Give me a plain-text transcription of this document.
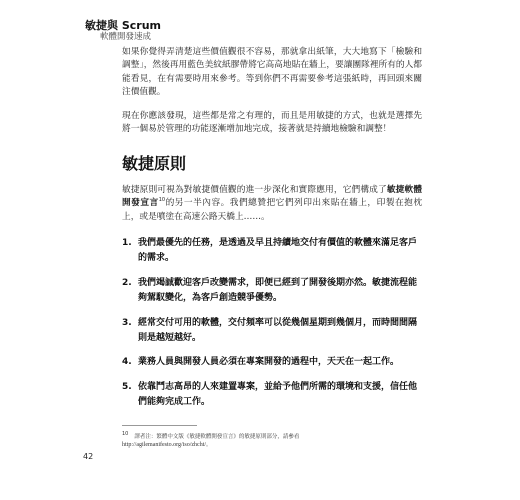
敏捷與 Scrum
軟體開發速成

如果你覺得弄清楚這些價值觀很不容易，那就拿出紙筆，大大地寫下「檢驗和調整」，然後再用藍色美紋紙膠帶將它高高地貼在牆上，要讓團隊裡所有的人都能看見，在有需要時用來參考。等到你們不再需要參考這張紙時，再回頭來關注價值觀。

現在你應該發現，這些都是常之有理的，而且是用敏捷的方式，也就是選擇先將一個易於管理的功能逐漸增加地完成，接著就是持續地檢驗和調整！

敏捷原則

敏捷原則可視為對敏捷價值觀的進一步深化和實際應用，它們構成了敏捷軟體開發宣言$^{10}$的另一半內容。我們總贊把它們列印出來貼在牆上，印製在抱枕上，或是噴塗在高速公路天橋上……。

1. 我們最優先的任務，是透過及早且持續地交付有價值的軟體來滿足客戶的需求。
2. 我們竭誠歡迎客戶改變需求，即便已經到了開發後期亦然。敏捷流程能夠駕馭變化，為客戶創造競爭優勢。
3. 經常交付可用的軟體，交付頻率可以從幾個星期到幾個月，而時間間隔則是越短越好。
4. 業務人員與開發人員必須在專案開發的過程中，天天在一起工作。
5. 依靠鬥志高昂的人來建置專案，並給予他們所需的環境和支援，信任他們能夠完成工作。
10 譯者注：繁體中文版《敏捷軟體開發宣言》的敏捷原則部分，請參看
http://agilemanifesto.org/iso/zhcht/。
42
